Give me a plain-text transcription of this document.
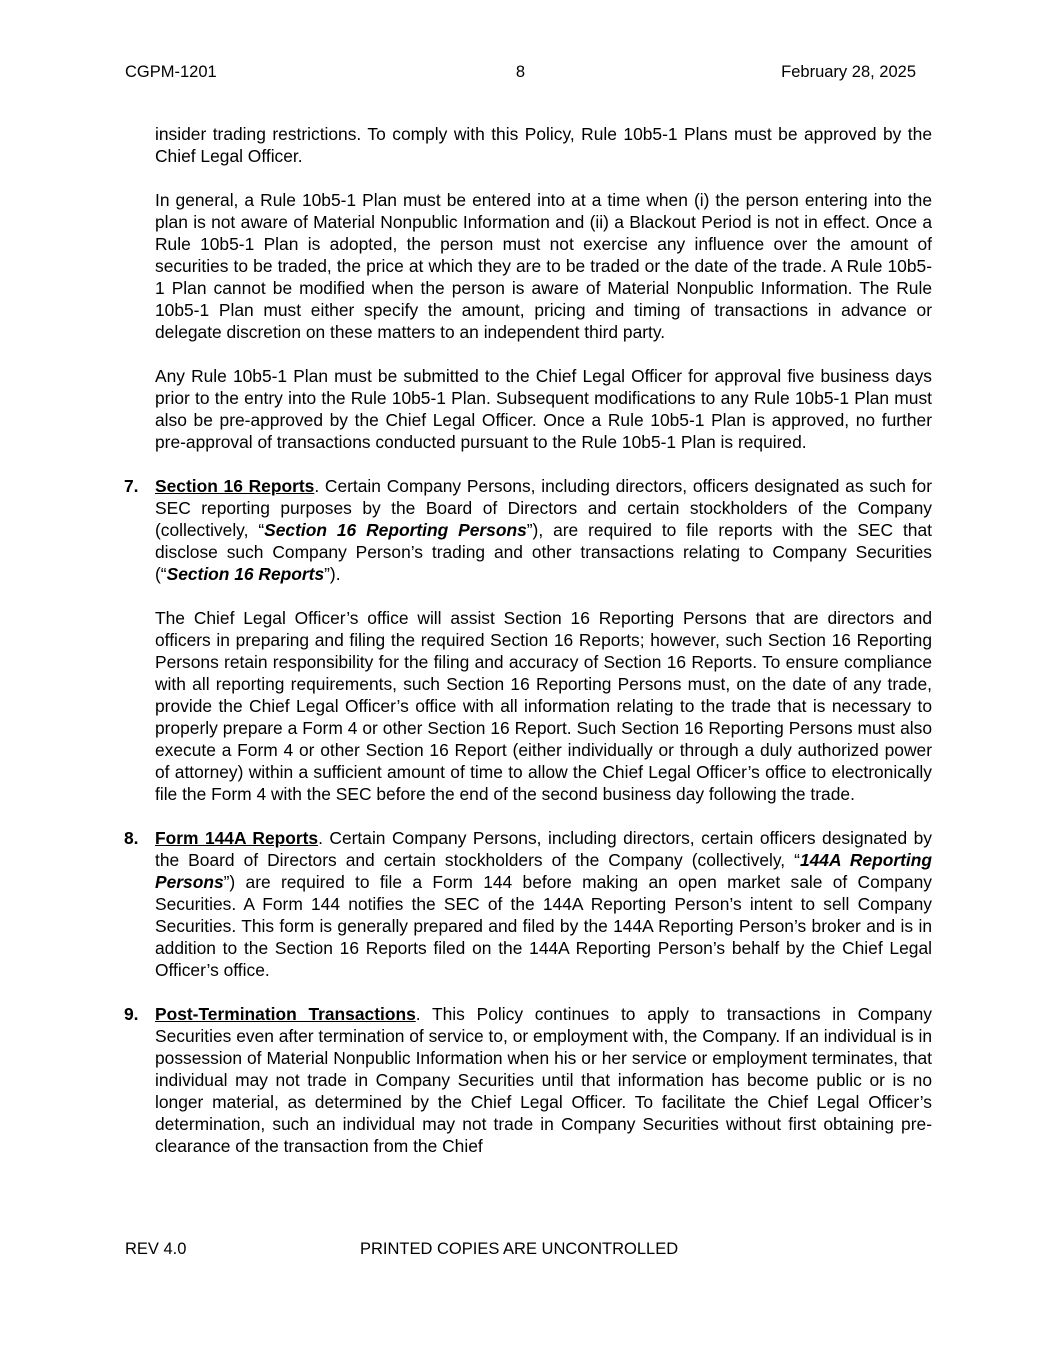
CGPM-1201	8	February 28, 2025

insider trading restrictions. To comply with this Policy, Rule 10b5-1 Plans must be approved by the Chief Legal Officer.

In general, a Rule 10b5-1 Plan must be entered into at a time when (i) the person entering into the plan is not aware of Material Nonpublic Information and (ii) a Blackout Period is not in effect. Once a Rule 10b5-1 Plan is adopted, the person must not exercise any influence over the amount of securities to be traded, the price at which they are to be traded or the date of the trade. A Rule 10b5-1 Plan cannot be modified when the person is aware of Material Nonpublic Information. The Rule 10b5-1 Plan must either specify the amount, pricing and timing of transactions in advance or delegate discretion on these matters to an independent third party.

Any Rule 10b5-1 Plan must be submitted to the Chief Legal Officer for approval five business days prior to the entry into the Rule 10b5-1 Plan. Subsequent modifications to any Rule 10b5-1 Plan must also be pre-approved by the Chief Legal Officer. Once a Rule 10b5-1 Plan is approved, no further pre-approval of transactions conducted pursuant to the Rule 10b5-1 Plan is required.

7. Section 16 Reports. Certain Company Persons, including directors, officers designated as such for SEC reporting purposes by the Board of Directors and certain stockholders of the Company (collectively, “Section 16 Reporting Persons”), are required to file reports with the SEC that disclose such Company Person’s trading and other transactions relating to Company Securities (“Section 16 Reports”).

The Chief Legal Officer’s office will assist Section 16 Reporting Persons that are directors and officers in preparing and filing the required Section 16 Reports; however, such Section 16 Reporting Persons retain responsibility for the filing and accuracy of Section 16 Reports. To ensure compliance with all reporting requirements, such Section 16 Reporting Persons must, on the date of any trade, provide the Chief Legal Officer’s office with all information relating to the trade that is necessary to properly prepare a Form 4 or other Section 16 Report. Such Section 16 Reporting Persons must also execute a Form 4 or other Section 16 Report (either individually or through a duly authorized power of attorney) within a sufficient amount of time to allow the Chief Legal Officer’s office to electronically file the Form 4 with the SEC before the end of the second business day following the trade.

8. Form 144A Reports. Certain Company Persons, including directors, certain officers designated by the Board of Directors and certain stockholders of the Company (collectively, “144A Reporting Persons”) are required to file a Form 144 before making an open market sale of Company Securities. A Form 144 notifies the SEC of the 144A Reporting Person’s intent to sell Company Securities. This form is generally prepared and filed by the 144A Reporting Person’s broker and is in addition to the Section 16 Reports filed on the 144A Reporting Person’s behalf by the Chief Legal Officer’s office.

9. Post-Termination Transactions. This Policy continues to apply to transactions in Company Securities even after termination of service to, or employment with, the Company. If an individual is in possession of Material Nonpublic Information when his or her service or employment terminates, that individual may not trade in Company Securities until that information has become public or is no longer material, as determined by the Chief Legal Officer. To facilitate the Chief Legal Officer’s determination, such an individual may not trade in Company Securities without first obtaining pre-clearance of the transaction from the Chief

REV 4.0	PRINTED COPIES ARE UNCONTROLLED
